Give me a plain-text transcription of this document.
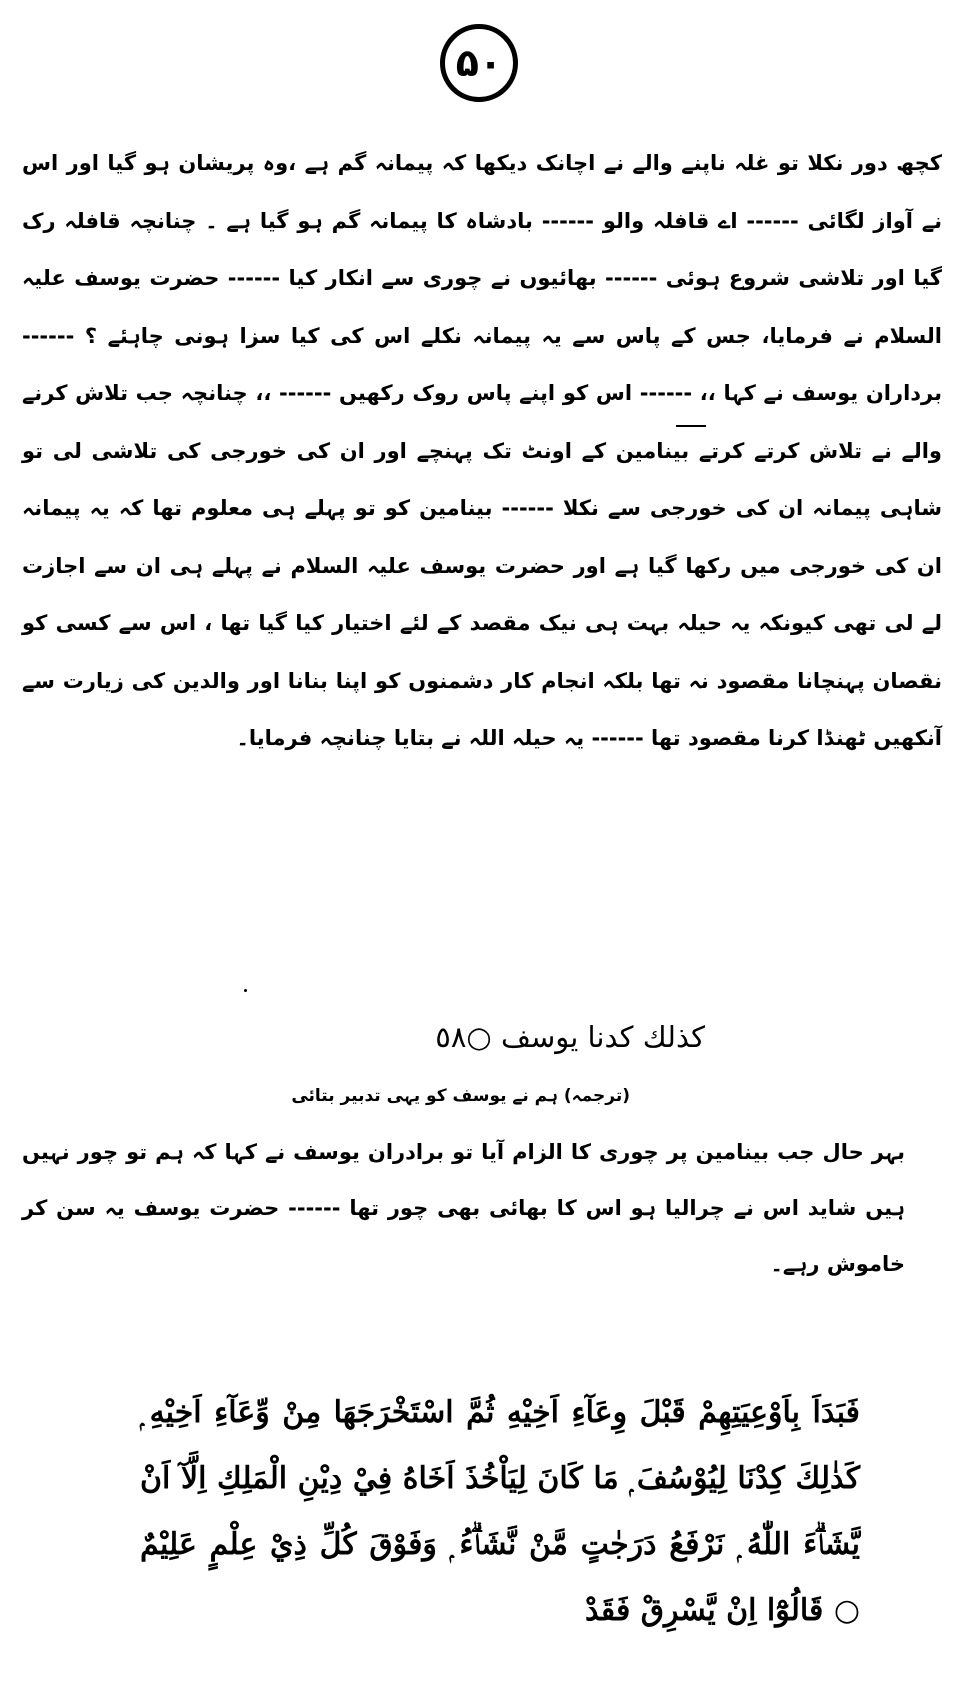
۵۰
کچھ دور نکلا تو غلہ ناپنے والے نے اچانک دیکھا کہ پیمانہ گم ہے ،وہ پریشان ہو گیا اور اس نے آواز لگائی ------ اے قافلہ والو ------ بادشاہ کا پیمانہ گم ہو گیا ہے ۔ چنانچہ قافلہ رک گیا اور تلاشی شروع ہوئی ------ بھائیوں نے چوری سے انکار کیا ------ حضرت یوسف علیہ السلام نے فرمایا، جس کے پاس سے یہ پیمانہ نکلے اس کی کیا سزا ہونی چاہئے ؟ ------ برداران یوسف نے کہا ،، ------ اس کو اپنے پاس روک رکھیں ------ ،، چنانچہ جب تلاش کرنے والے نے تلاش کرتے کرتے بینامین کے اونٹ تک پہنچے اور ان کی خورجی کی تلاشی لی تو شاہی پیمانہ ان کی خورجی سے نکلا ------ بینامین کو تو پہلے ہی معلوم تھا کہ یہ پیمانہ ان کی خورجی میں رکھا گیا ہے اور حضرت یوسف علیہ السلام نے پہلے ہی ان سے اجازت لے لی تھی کیونکہ یہ حیلہ بہت ہی نیک مقصد کے لئے اختیار کیا گیا تھا ، اس سے کسی کو نقصان پہنچانا مقصود نہ تھا بلکہ انجام کار دشمنوں کو اپنا بنانا اور والدین کی زیارت سے آنکھیں ٹھنڈا کرنا مقصود تھا ------ یہ حیلہ اللہ نے بتایا چنانچہ فرمایا۔
كذلك كدنا يوسف ○٥٨
(ترجمہ) ہم نے یوسف کو یہی تدبیر بتائی
بہر حال جب بینامین پر چوری کا الزام آیا تو برادران یوسف نے کہا کہ ہم تو چور نہیں ہیں شاید اس نے چرالیا ہو اس کا بھائی بھی چور تھا ------ حضرت یوسف یہ سن کر خاموش رہے۔
فَبَدَاَ بِاَوْعِيَتِهِمْ قَبْلَ وِعَآءِ اَخِيْهِ ثُمَّ اسْتَخْرَجَهَا مِنْ وِّعَآءِ اَخِيْهِ ۭ كَذٰلِكَ كِدْنَا لِيُوْسُفَ ۭ مَا كَانَ لِيَاْخُذَ اَخَاهُ فِيْ دِيْنِ الْمَلِكِ اِلَّآ اَنْ يَّشَاۗءَ اللّٰهُ ۭ نَرْفَعُ دَرَجٰتٍ مَّنْ نَّشَاۗءُ ۭ وَفَوْقَ كُلِّ ذِيْ عِلْمٍ عَلِيْمٌ ○ قَالُوْٓا اِنْ يَّسْرِقْ فَقَدْ
